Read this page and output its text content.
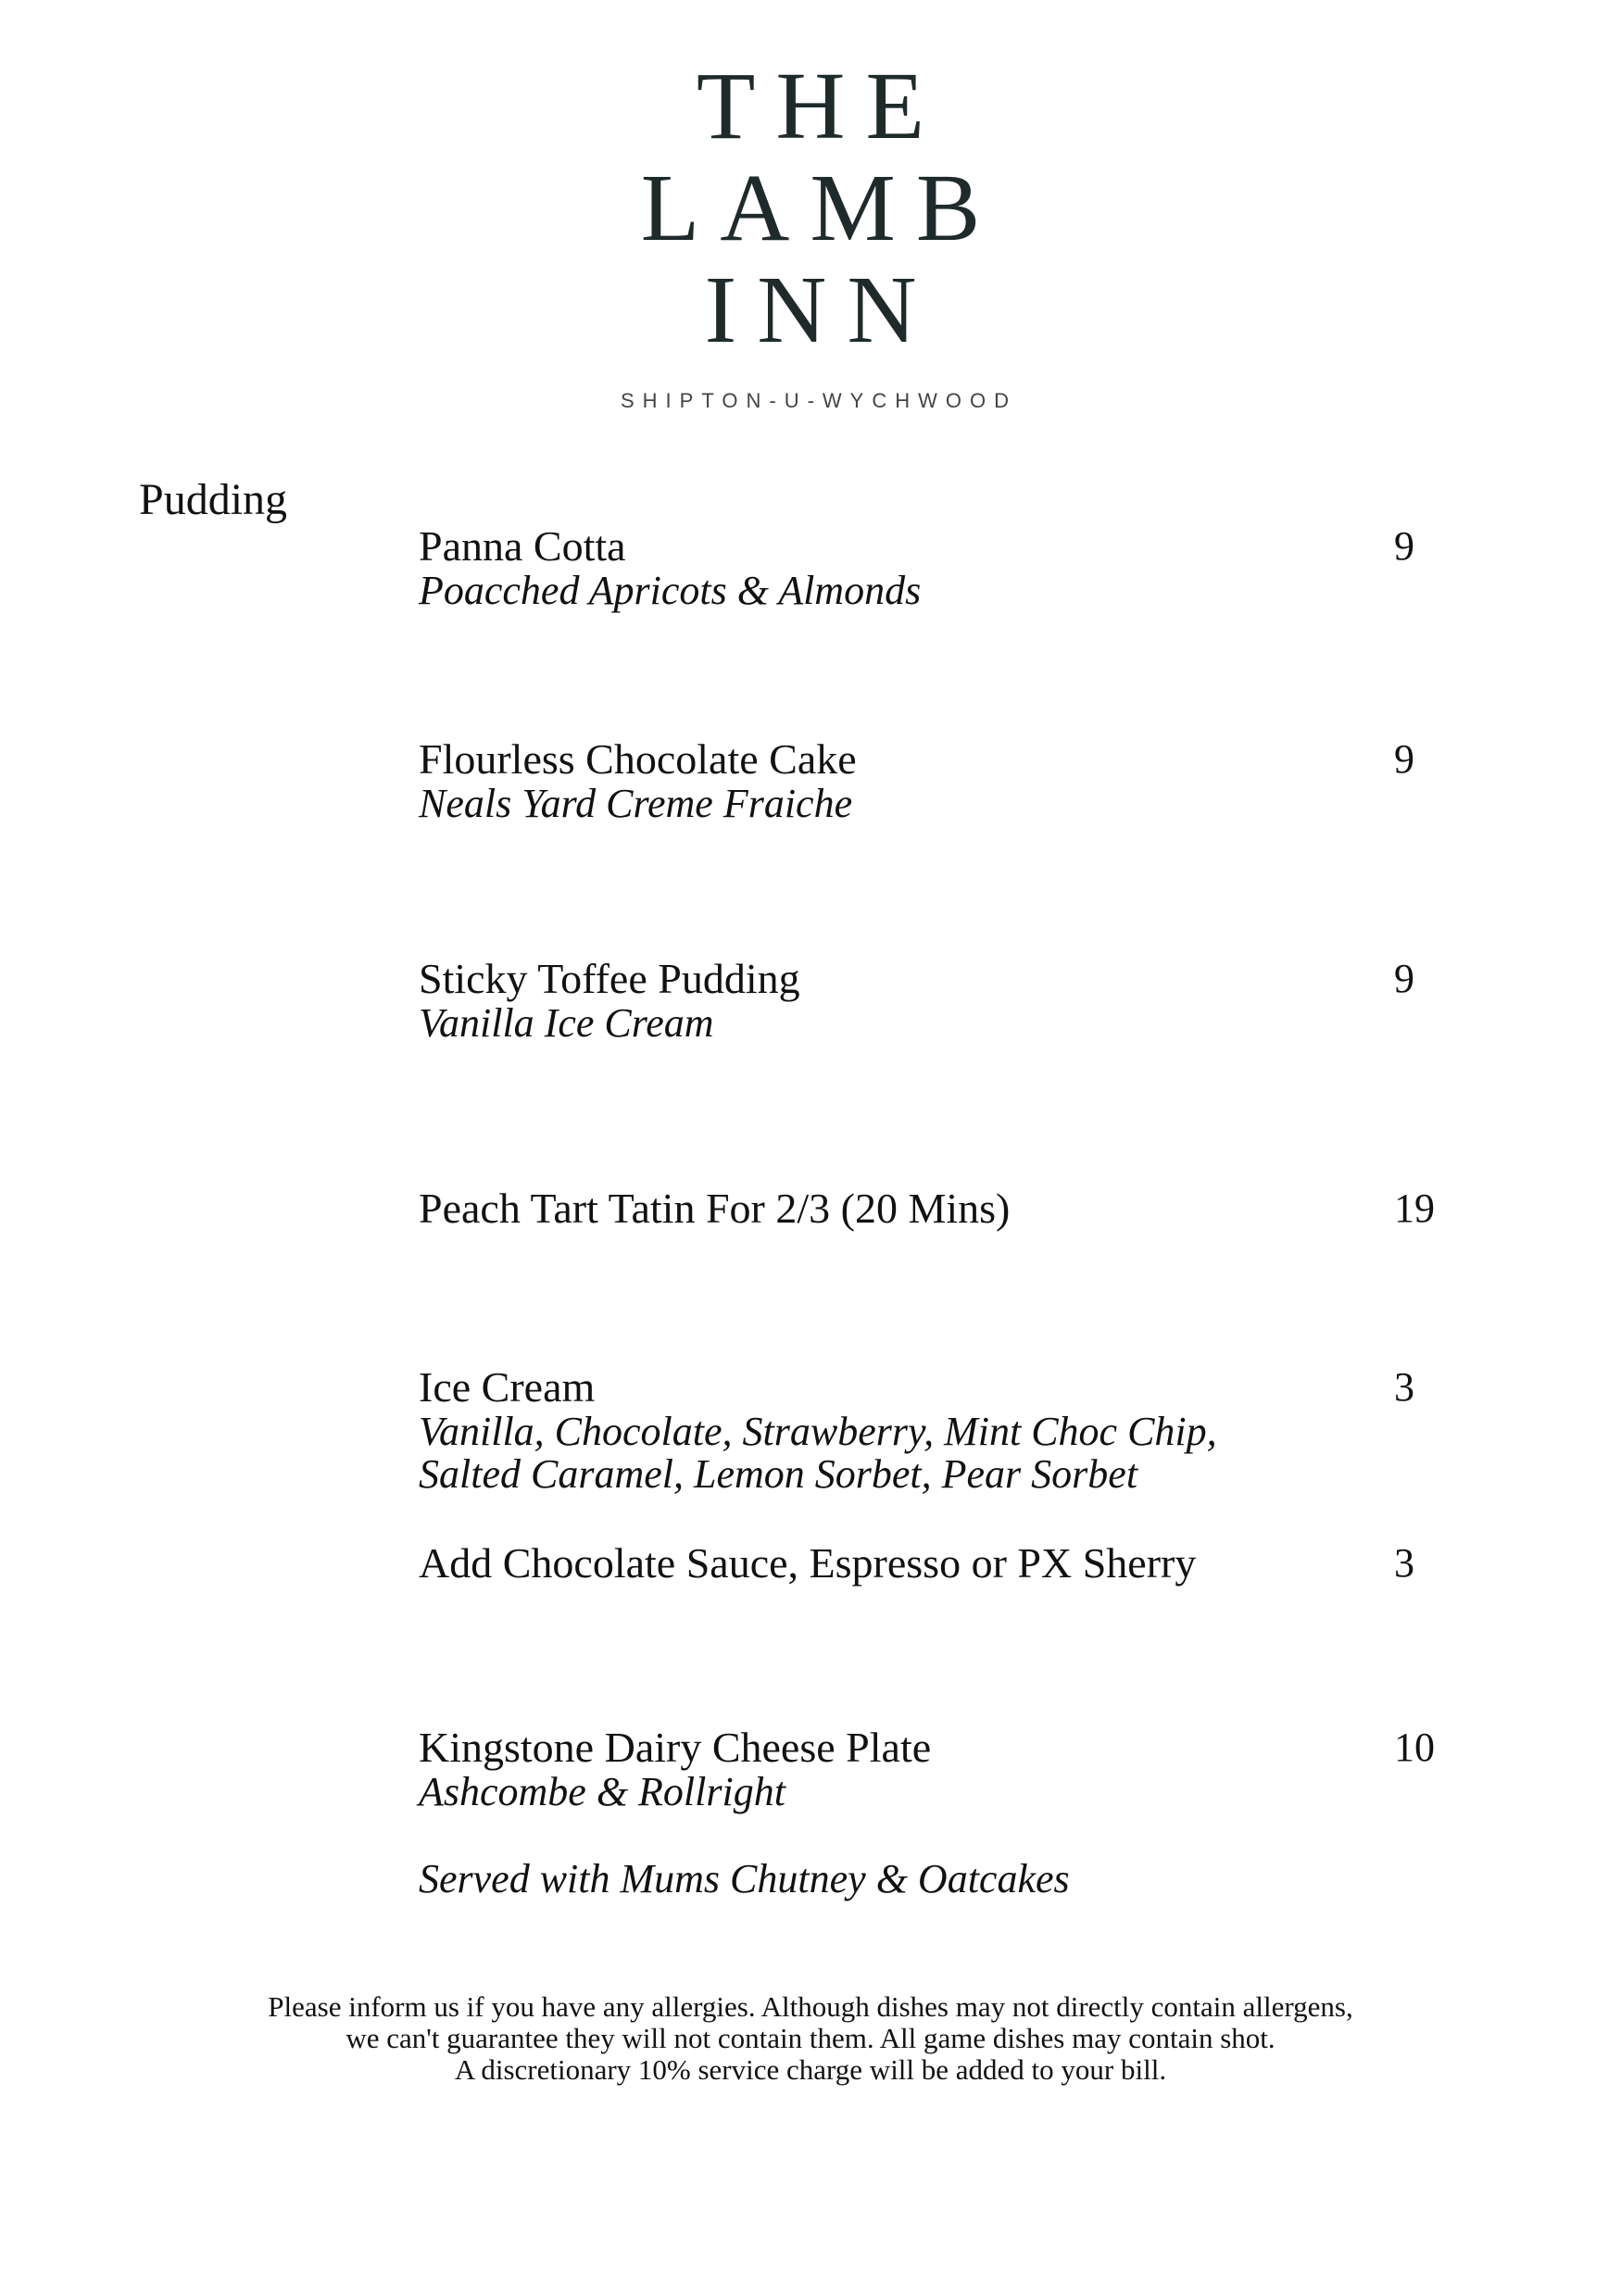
THE
LAMB
INN
SHIPTON-U-WYCHWOOD
Pudding
Panna Cotta
Poacched Apricots & Almonds
9
Flourless Chocolate Cake
Neals Yard Creme Fraiche
9
Sticky Toffee Pudding
Vanilla Ice Cream
9
Peach Tart Tatin For 2/3 (20 Mins)	19
Ice Cream
Vanilla, Chocolate, Strawberry, Mint Choc Chip,
Salted Caramel, Lemon Sorbet, Pear Sorbet
3
Add Chocolate Sauce, Espresso or PX Sherry	3
Kingstone Dairy Cheese Plate
Ashcombe & Rollright
10
Served with Mums Chutney & Oatcakes
Please inform us if you have any allergies. Although dishes may not directly contain allergens,
we can't guarantee they will not contain them. All game dishes may contain shot.
A discretionary 10% service charge will be added to your bill.
